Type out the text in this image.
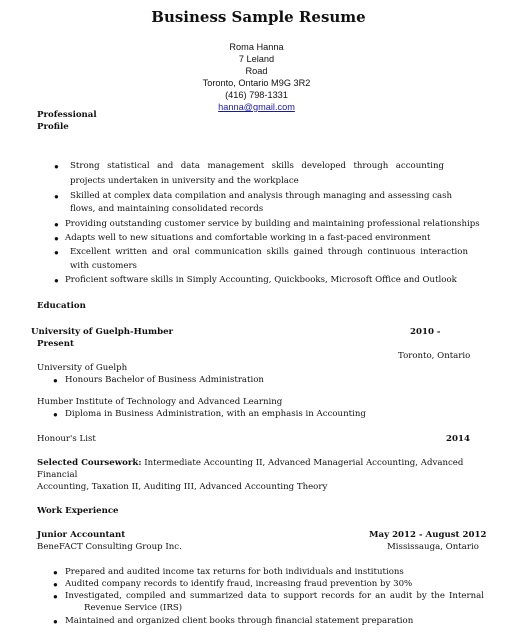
Business Sample Resume
Roma Hanna
7 Leland
Road
Toronto, Ontario M9G 3R2
(416) 798-1331
hanna@gmail.com
Professional
Profile
● Strong statistical and data management skills developed through accounting
projects undertaken in university and the workplace
● Skilled at complex data compilation and analysis through managing and assessing cash
flows, and maintaining consolidated records
● Providing outstanding customer service by building and maintaining professional relationships
● Adapts well to new situations and comfortable working in a fast-paced environment
● Excellent written and oral communication skills gained through continuous interaction
with customers
● Proficient software skills in Simply Accounting, Quickbooks, Microsoft Office and Outlook
Education
University of Guelph-Humber	2010 -
Present
Toronto, Ontario
University of Guelph
● Honours Bachelor of Business Administration
Humber Institute of Technology and Advanced Learning
● Diploma in Business Administration, with an emphasis in Accounting
Honour's List	2014
Selected Coursework: Intermediate Accounting II, Advanced Managerial Accounting, Advanced
Financial
Accounting, Taxation II, Auditing III, Advanced Accounting Theory
Work Experience
Junior Accountant	May 2012 - August 2012
BeneFACT Consulting Group Inc.	Mississauga, Ontario
● Prepared and audited income tax returns for both individuals and institutions
● Audited company records to identify fraud, increasing fraud prevention by 30%
● Investigated, compiled and summarized data to support records for an audit by the Internal
Revenue Service (IRS)
● Maintained and organized client books through financial statement preparation
